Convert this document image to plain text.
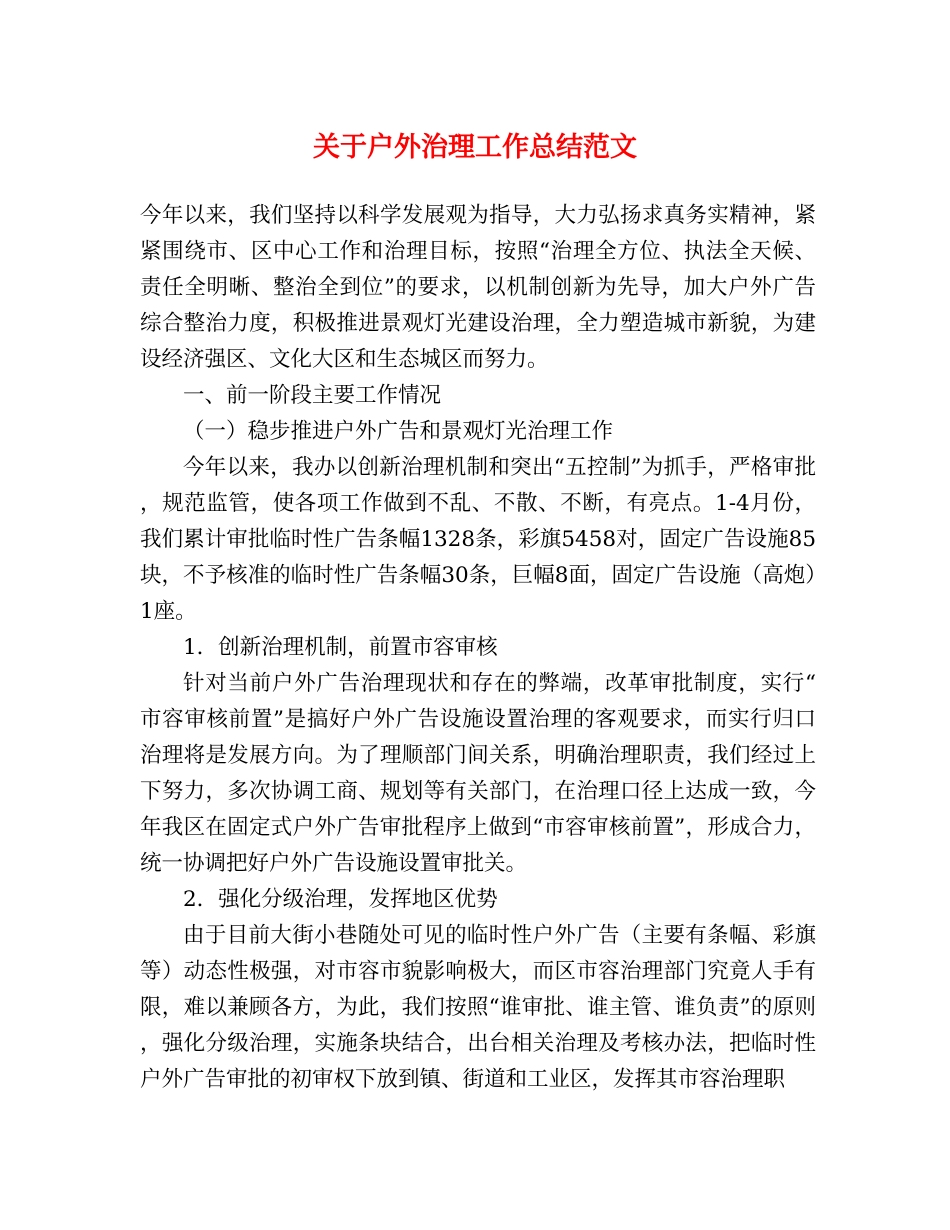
关于户外治理工作总结范文

今年以来，我们坚持以科学发展观为指导，大力弘扬求真务实精神，紧紧围绕市、区中心工作和治理目标，按照“治理全方位、执法全天候、责任全明晰、整治全到位”的要求，以机制创新为先导，加大户外广告综合整治力度，积极推进景观灯光建设治理，全力塑造城市新貌，为建设经济强区、文化大区和生态城区而努力。

一、前一阶段主要工作情况

（一）稳步推进户外广告和景观灯光治理工作

今年以来，我办以创新治理机制和突出“五控制”为抓手，严格审批，规范监管，使各项工作做到不乱、不散、不断，有亮点。1-4月份，我们累计审批临时性广告条幅1328条，彩旗5458对，固定广告设施85块，不予核准的临时性广告条幅30条，巨幅8面，固定广告设施（高炮）1座。

1．创新治理机制，前置市容审核

针对当前户外广告治理现状和存在的弊端，改革审批制度，实行“市容审核前置”是搞好户外广告设施设置治理的客观要求，而实行归口治理将是发展方向。为了理顺部门间关系，明确治理职责，我们经过上下努力，多次协调工商、规划等有关部门，在治理口径上达成一致，今年我区在固定式户外广告审批程序上做到“市容审核前置”，形成合力，统一协调把好户外广告设施设置审批关。

2．强化分级治理，发挥地区优势

由于目前大街小巷随处可见的临时性户外广告（主要有条幅、彩旗等）动态性极强，对市容市貌影响极大，而区市容治理部门究竟人手有限，难以兼顾各方，为此，我们按照“谁审批、谁主管、谁负责”的原则，强化分级治理，实施条块结合，出台相关治理及考核办法，把临时性户外广告审批的初审权下放到镇、街道和工业区，发挥其市容治理职
